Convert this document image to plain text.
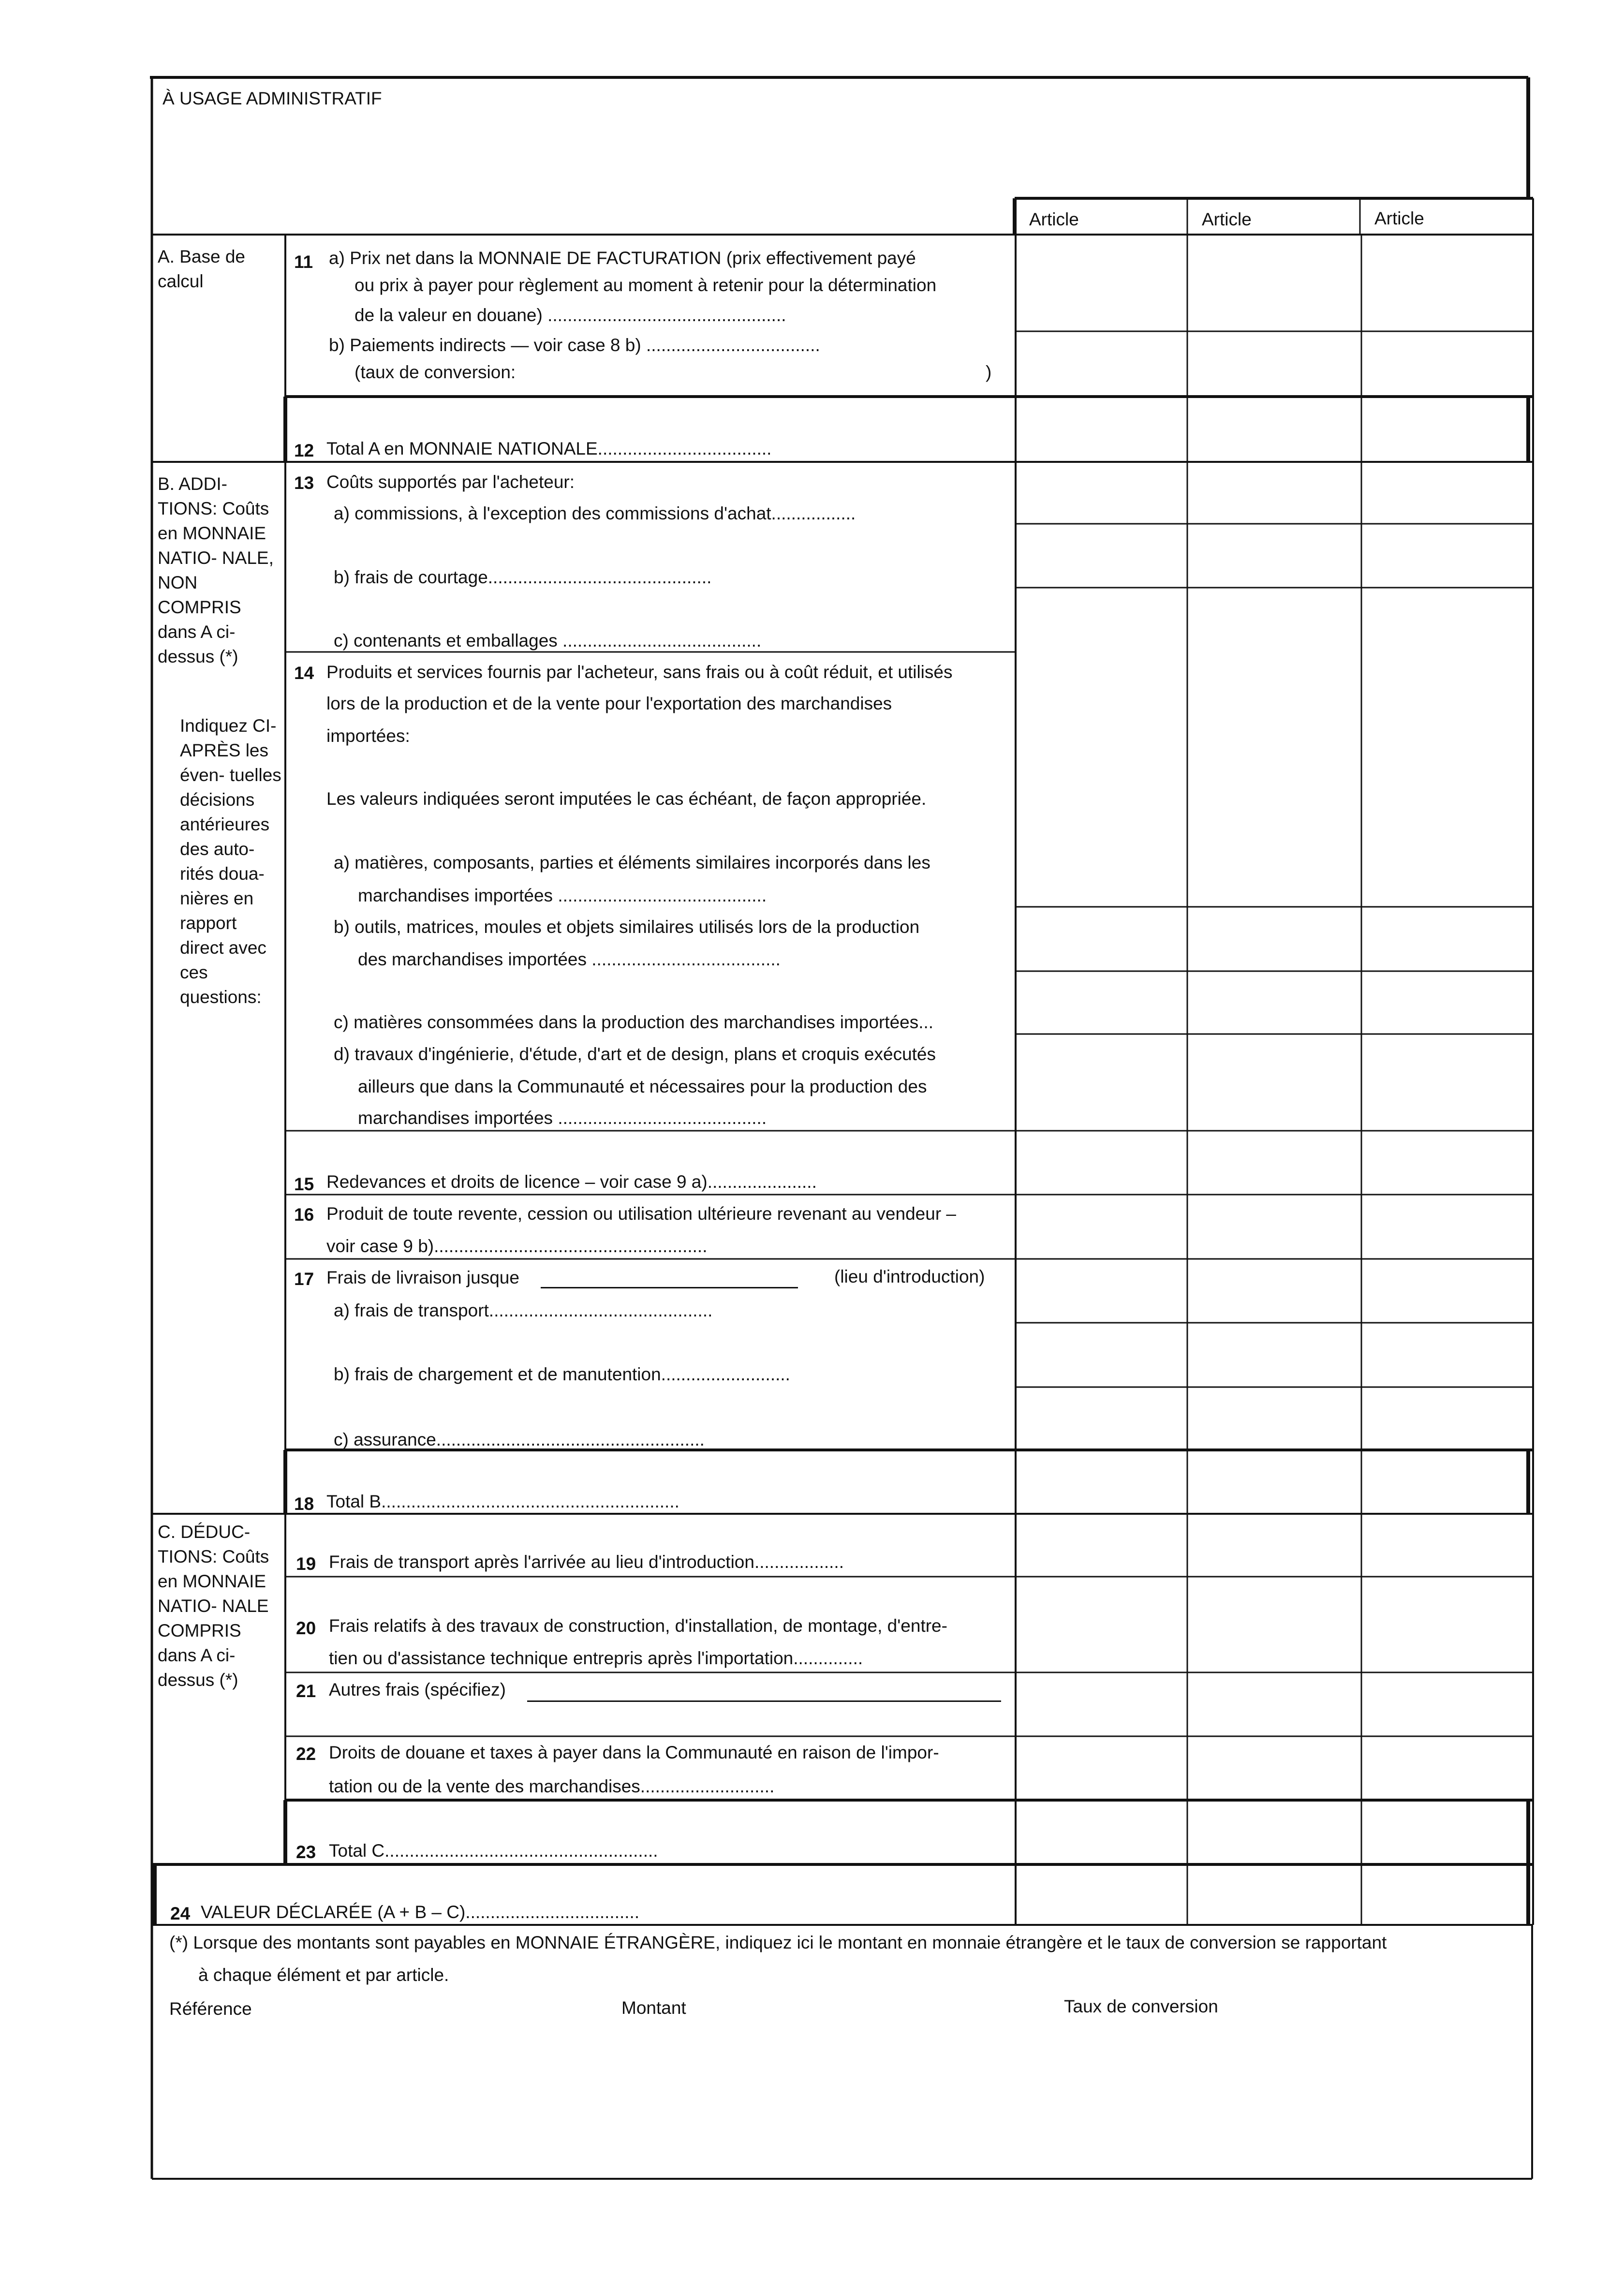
À USAGE ADMINISTRATIF
Article	Article	Article
A. Base de calcul
11 a) Prix net dans la MONNAIE DE FACTURATION (prix effectivement payé
ou prix à payer pour règlement au moment à retenir pour la détermination
de la valeur en douane) ................................................
b) Paiements indirects — voir case 8 b) ...................................
(taux de conversion:	)
12 Total A en MONNAIE NATIONALE...................................
B. ADDI- TIONS: Coûts en MONNAIE NATIO- NALE, NON COMPRIS dans A ci- dessus (*)
Indiquez CI-APRÈS les éven- tuelles décisions antérieures des auto- rités doua- nières en rapport direct avec ces questions:
13 Coûts supportés par l'acheteur:
a) commissions, à l'exception des commissions d'achat.................
b) frais de courtage.............................................
c) contenants et emballages ........................................
14 Produits et services fournis par l'acheteur, sans frais ou à coût réduit, et utilisés
lors de la production et de la vente pour l'exportation des marchandises
importées:
Les valeurs indiquées seront imputées le cas échéant, de façon appropriée.
a) matières, composants, parties et éléments similaires incorporés dans les
marchandises importées ..........................................
b) outils, matrices, moules et objets similaires utilisés lors de la production
des marchandises importées ......................................
c) matières consommées dans la production des marchandises importées...
d) travaux d'ingénierie, d'étude, d'art et de design, plans et croquis exécutés
ailleurs que dans la Communauté et nécessaires pour la production des
marchandises importées ..........................................
15 Redevances et droits de licence – voir case 9 a)......................
16 Produit de toute revente, cession ou utilisation ultérieure revenant au vendeur –
voir case 9 b).......................................................
17 Frais de livraison jusque	(lieu d'introduction)
a) frais de transport.............................................
b) frais de chargement et de manutention..........................
c) assurance......................................................
18 Total B............................................................
C. DÉDUC- TIONS: Coûts en MONNAIE NATIO- NALE COMPRIS dans A ci-dessus (*)
19 Frais de transport après l'arrivée au lieu d'introduction..................
20 Frais relatifs à des travaux de construction, d'installation, de montage, d'entre-
tien ou d'assistance technique entrepris après l'importation..............
21 Autres frais (spécifiez)
22 Droits de douane et taxes à payer dans la Communauté en raison de l'impor-
tation ou de la vente des marchandises...........................
23 Total C.......................................................
24 VALEUR DÉCLARÉE (A + B – C)...................................
(*) Lorsque des montants sont payables en MONNAIE ÉTRANGÈRE, indiquez ici le montant en monnaie étrangère et le taux de conversion se rapportant
à chaque élément et par article.
Référence	Montant	Taux de conversion
